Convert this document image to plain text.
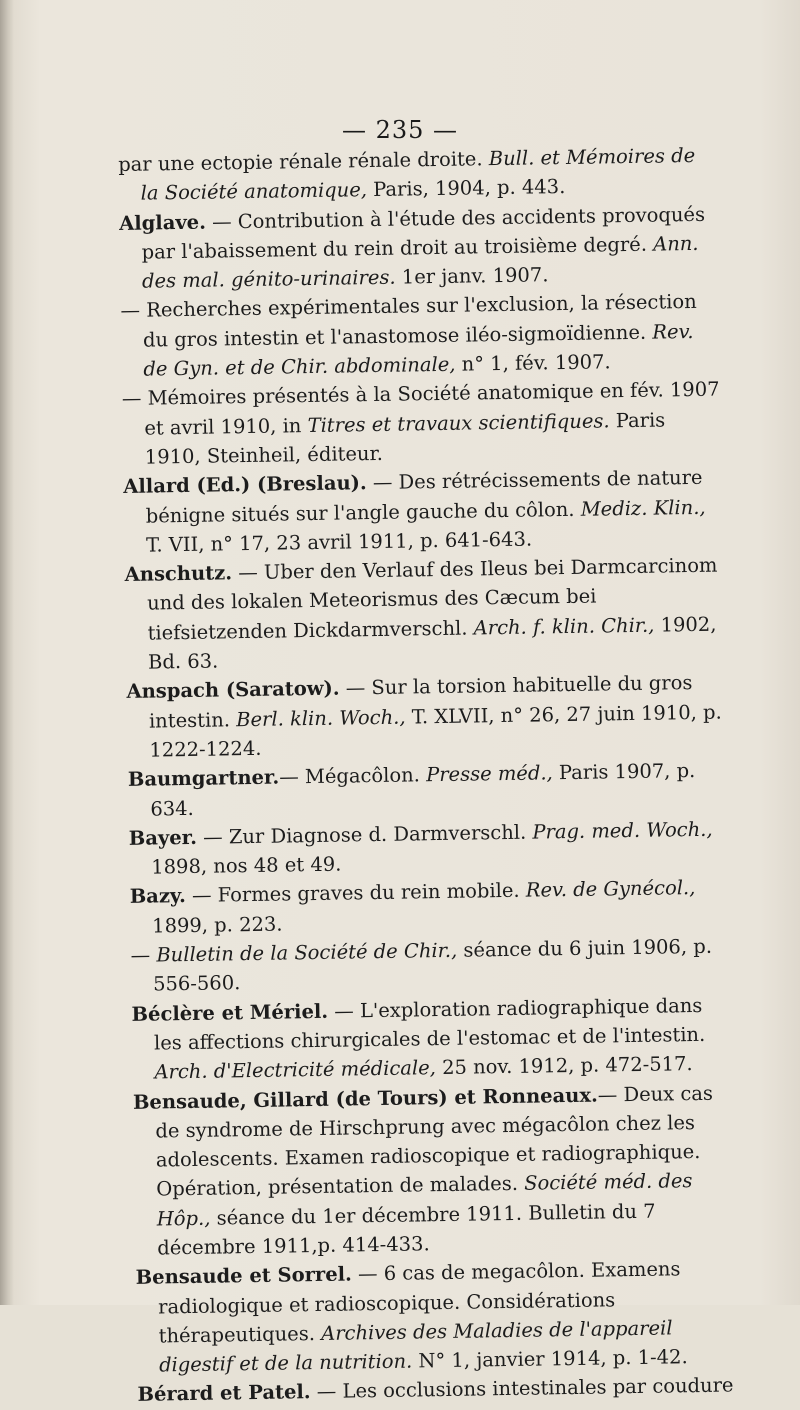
— 235 —

par une ectopie rénale rénale droite. Bull. et Mémoires de la Société anatomique, Paris, 1904, p. 443.

Alglave. — Contribution à l'étude des accidents provoqués par l'abaissement du rein droit au troisième degré. Ann. des mal. génito-urinaires. 1er janv. 1907.

— Recherches expérimentales sur l'exclusion, la résection du gros intestin et l'anastomose iléo-sigmoïdienne. Rev. de Gyn. et de Chir. abdominale, n° 1, fév. 1907.

— Mémoires présentés à la Société anatomique en fév. 1907 et avril 1910, in Titres et travaux scientifiques. Paris 1910, Steinheil, éditeur.

Allard (Ed.) (Breslau). — Des rétrécissements de nature bénigne situés sur l'angle gauche du côlon. Mediz. Klin., T. VII, n° 17, 23 avril 1911, p. 641-643.

Anschutz. — Uber den Verlauf des Ileus bei Darmcarcinom und des lokalen Meteorismus des Cæcum bei tiefsietzenden Dickdarmverschl. Arch. f. klin. Chir., 1902, Bd. 63.

Anspach (Saratow). — Sur la torsion habituelle du gros intestin. Berl. klin. Woch., T. XLVII, n° 26, 27 juin 1910, p. 1222-1224.

Baumgartner.— Mégacôlon. Presse méd., Paris 1907, p. 634.

Bayer. — Zur Diagnose d. Darmverschl. Prag. med. Woch., 1898, nos 48 et 49.

Bazy. — Formes graves du rein mobile. Rev. de Gynécol., 1899, p. 223.

— Bulletin de la Société de Chir., séance du 6 juin 1906, p. 556-560.

Béclère et Mériel. — L'exploration radiographique dans les affections chirurgicales de l'estomac et de l'intestin. Arch. d'Electricité médicale, 25 nov. 1912, p. 472-517.

Bensaude, Gillard (de Tours) et Ronneaux.— Deux cas de syndrome de Hirschprung avec mégacôlon chez les adolescents. Examen radioscopique et radiographique. Opération, présentation de malades. Société méd. des Hôp., séance du 1er décembre 1911. Bulletin du 7 décembre 1911,p. 414-433.

Bensaude et Sorrel. — 6 cas de megacôlon. Examens radiologique et radioscopique. Considérations thérapeutiques. Archives des Maladies de l'appareil digestif et de la nutrition. N° 1, janvier 1914, p. 1-42.

Bérard et Patel. — Les occlusions intestinales par coudure
